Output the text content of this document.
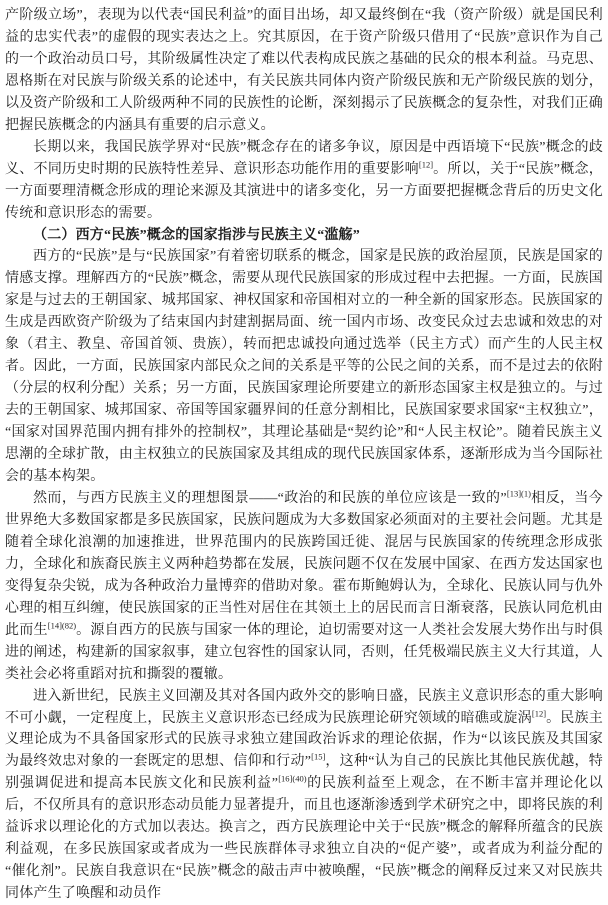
产阶级立场”，表现为以代表“国民利益”的面目出场，却又最终倒在“我（资产阶级）就是国民利益的忠实代表”的虚假的现实表达之上。究其原因，在于资产阶级只借用了“民族”意识作为自己的一个政治动员口号，其阶级属性决定了难以代表构成民族之基础的民众的根本利益。马克思、恩格斯在对民族与阶级关系的论述中，有关民族共同体内资产阶级民族和无产阶级民族的划分，以及资产阶级和工人阶级两种不同的民族性的论断，深刻揭示了民族概念的复杂性，对我们正确把握民族概念的内涵具有重要的启示意义。

长期以来，我国民族学界对“民族”概念存在的诸多争议，原因是中西语境下“民族”概念的歧义、不同历史时期的民族特性差异、意识形态功能作用的重要影响[12]。所以，关于“民族”概念，一方面要理清概念形成的理论来源及其演进中的诸多变化，另一方面要把握概念背后的历史文化传统和意识形态的需要。

（二）西方“民族”概念的国家指涉与民族主义“滥觞”

西方的“民族”是与“民族国家”有着密切联系的概念，国家是民族的政治屋顶，民族是国家的情感支撑。理解西方的“民族”概念，需要从现代民族国家的形成过程中去把握。一方面，民族国家是与过去的王朝国家、城邦国家、神权国家和帝国相对立的一种全新的国家形态。民族国家的生成是西欧资产阶级为了结束国内封建割据局面、统一国内市场、改变民众过去忠诚和效忠的对象（君主、教皇、帝国首领、贵族），转而把忠诚投向通过选举（民主方式）而产生的人民主权者。因此，一方面，民族国家内部民众之间的关系是平等的公民之间的关系，而不是过去的依附（分层的权利分配）关系；另一方面，民族国家理论所要建立的新形态国家主权是独立的。与过去的王朝国家、城邦国家、帝国等国家疆界间的任意分割相比，民族国家要求国家“主权独立”，“国家对国界范围内拥有排外的控制权”，其理论基础是“契约论”和“人民主权论”。随着民族主义思潮的全球扩散，由主权独立的民族国家及其组成的现代民族国家体系，逐渐形成为当今国际社会的基本构架。

然而，与西方民族主义的理想图景——“政治的和民族的单位应该是一致的”$^{[13](1)}$相反，当今世界绝大多数国家都是多民族国家，民族问题成为大多数国家必须面对的主要社会问题。尤其是随着全球化浪潮的加速推进，世界范围内的民族跨国迁徙、混居与民族国家的传统理念形成张力，全球化和族裔民族主义两种趋势都在发展，民族问题不仅在发展中国家、在西方发达国家也变得复杂尖锐，成为各种政治力量博弈的借助对象。霍布斯鲍姆认为，全球化、民族认同与仇外心理的相互纠缠，使民族国家的正当性对居住在其领土上的居民而言日渐衰落，民族认同危机由此而生$^{[14](82)}$。源自西方的民族与国家一体的理论，迫切需要对这一人类社会发展大势作出与时俱进的阐述，构建新的国家叙事，建立包容性的国家认同，否则，任凭极端民族主义大行其道，人类社会必将重蹈对抗和撕裂的覆辙。

进入新世纪，民族主义回潮及其对各国内政外交的影响日盛，民族主义意识形态的重大影响不可小觑，一定程度上，民族主义意识形态已经成为民族理论研究领域的暗礁或旋涡[12]。民族主义理论成为不具备国家形式的民族寻求独立建国政治诉求的理论依据，作为“以该民族及其国家为最终效忠对象的一套既定的思想、信仰和行动”[15]，这种“认为自己的民族比其他民族优越，特别强调促进和提高本民族文化和民族利益”$^{[16](40)}$的民族利益至上观念，在不断丰富并理论化以后，不仅所具有的意识形态动员能力显著提升，而且也逐渐渗透到学术研究之中，即将民族的利益诉求以理论化的方式加以表达。换言之，西方民族理论中关于“民族”概念的解释所蕴含的民族利益观，在多民族国家或者成为一些民族群体寻求独立自决的“促产婆”，或者成为利益分配的“催化剂”。民族自我意识在“民族”概念的敲击声中被唤醒，“民族”概念的阐释反过来又对民族共同体产生了唤醒和动员作
